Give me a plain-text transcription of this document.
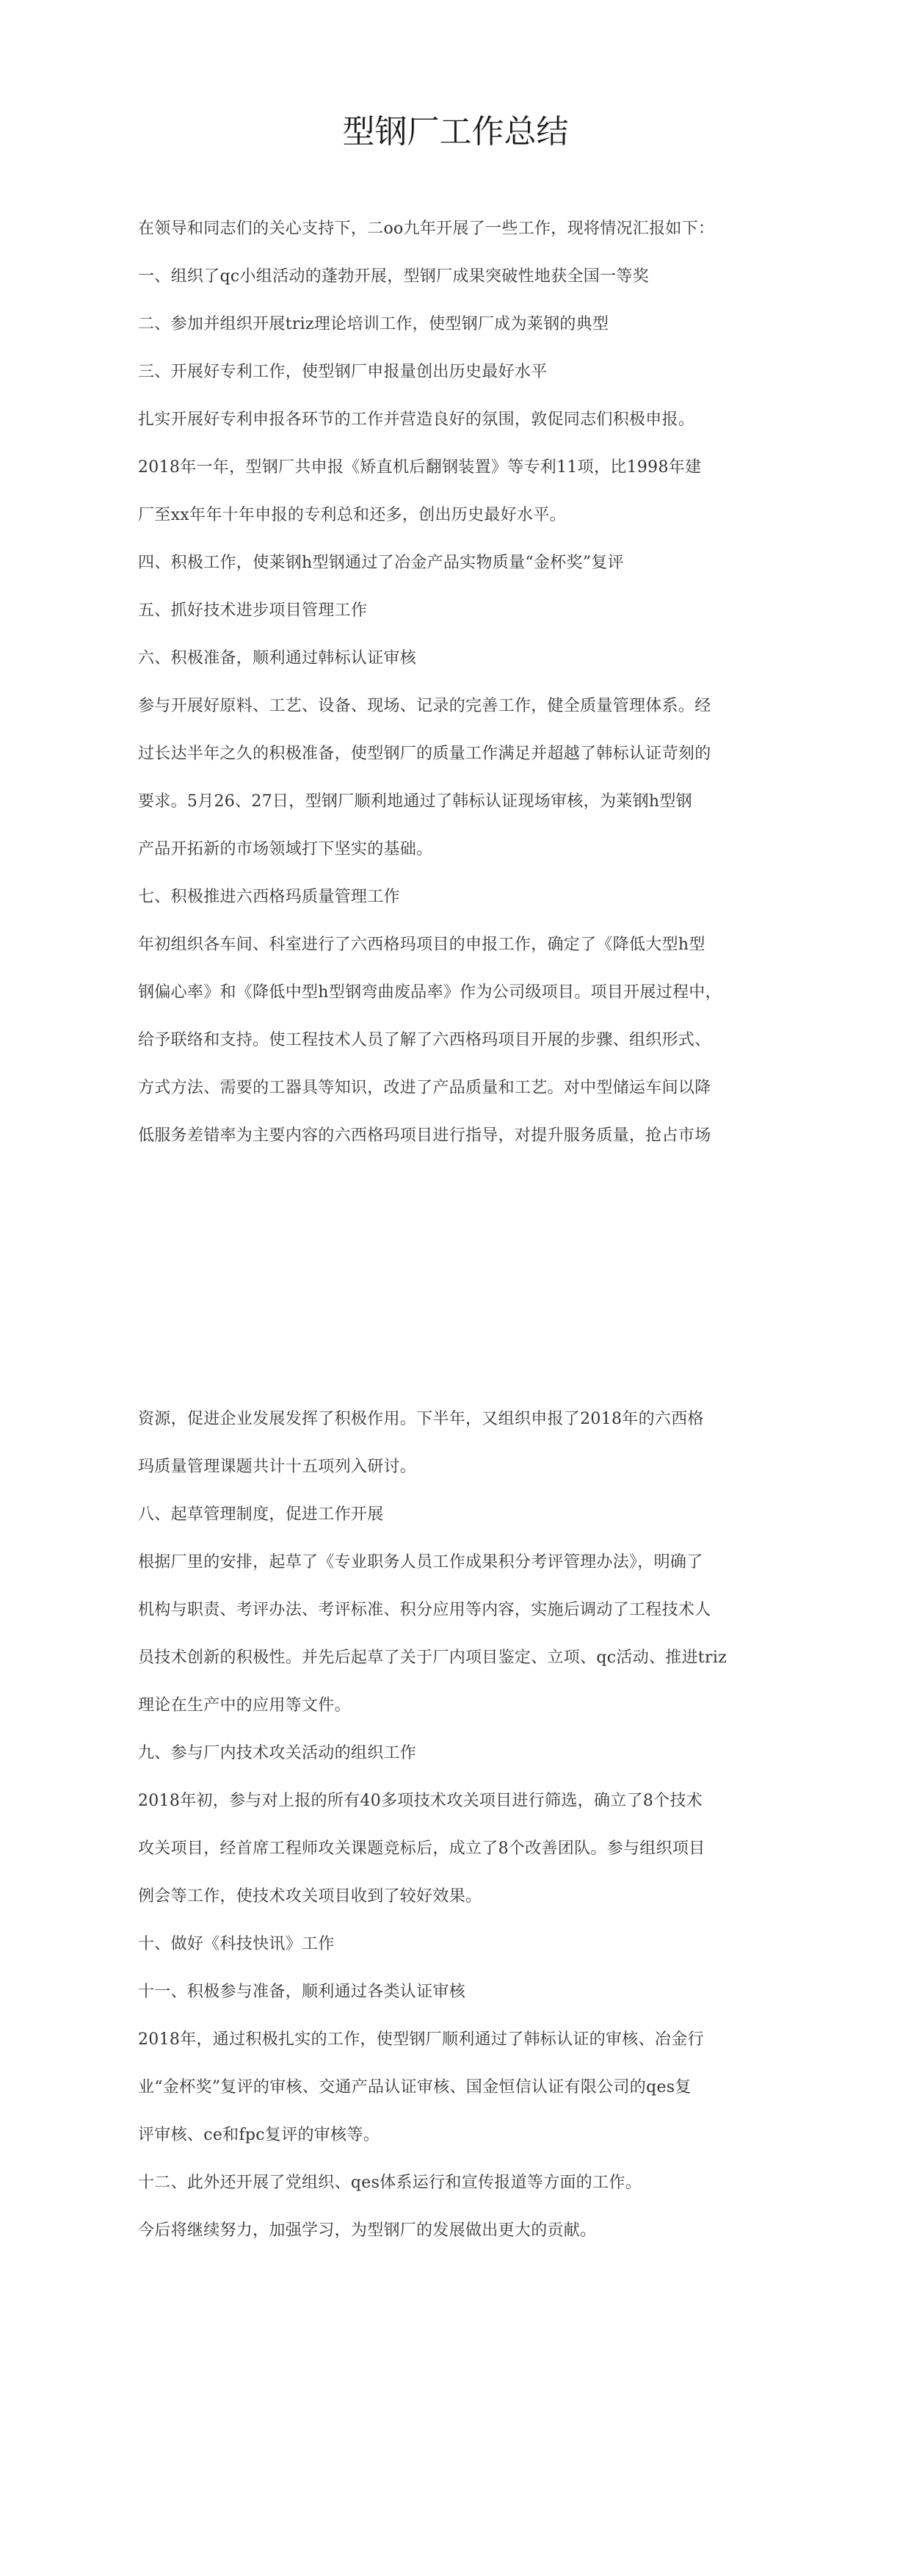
型钢厂工作总结

在领导和同志们的关心支持下，二oo九年开展了一些工作，现将情况汇报如下：

一、组织了qc小组活动的蓬勃开展，型钢厂成果突破性地获全国一等奖

二、参加并组织开展triz理论培训工作，使型钢厂成为莱钢的典型

三、开展好专利工作，使型钢厂申报量创出历史最好水平

扎实开展好专利申报各环节的工作并营造良好的氛围，敦促同志们积极申报。

2018年一年，型钢厂共申报《矫直机后翻钢装置》等专利11项，比1998年建

厂至xx年年十年申报的专利总和还多，创出历史最好水平。

四、积极工作，使莱钢h型钢通过了冶金产品实物质量“金杯奖”复评

五、抓好技术进步项目管理工作

六、积极准备，顺利通过韩标认证审核

参与开展好原料、工艺、设备、现场、记录的完善工作，健全质量管理体系。经

过长达半年之久的积极准备，使型钢厂的质量工作满足并超越了韩标认证苛刻的

要求。5月26、27日，型钢厂顺利地通过了韩标认证现场审核，为莱钢h型钢

产品开拓新的市场领域打下坚实的基础。

七、积极推进六西格玛质量管理工作

年初组织各车间、科室进行了六西格玛项目的申报工作，确定了《降低大型h型

钢偏心率》和《降低中型h型钢弯曲废品率》作为公司级项目。项目开展过程中，

给予联络和支持。使工程技术人员了解了六西格玛项目开展的步骤、组织形式、

方式方法、需要的工器具等知识，改进了产品质量和工艺。对中型储运车间以降

低服务差错率为主要内容的六西格玛项目进行指导，对提升服务质量，抢占市场

资源，促进企业发展发挥了积极作用。下半年，又组织申报了2018年的六西格

玛质量管理课题共计十五项列入研讨。

八、起草管理制度，促进工作开展

根据厂里的安排，起草了《专业职务人员工作成果积分考评管理办法》，明确了

机构与职责、考评办法、考评标准、积分应用等内容，实施后调动了工程技术人

员技术创新的积极性。并先后起草了关于厂内项目鉴定、立项、qc活动、推进triz

理论在生产中的应用等文件。

九、参与厂内技术攻关活动的组织工作

2018年初，参与对上报的所有40多项技术攻关项目进行筛选，确立了8个技术

攻关项目，经首席工程师攻关课题竞标后，成立了8个改善团队。参与组织项目

例会等工作，使技术攻关项目收到了较好效果。

十、做好《科技快讯》工作

十一、积极参与准备，顺利通过各类认证审核

2018年，通过积极扎实的工作，使型钢厂顺利通过了韩标认证的审核、冶金行

业“金杯奖”复评的审核、交通产品认证审核、国金恒信认证有限公司的qes复

评审核、ce和fpc复评的审核等。

十二、此外还开展了党组织、qes体系运行和宣传报道等方面的工作。

今后将继续努力，加强学习，为型钢厂的发展做出更大的贡献。
